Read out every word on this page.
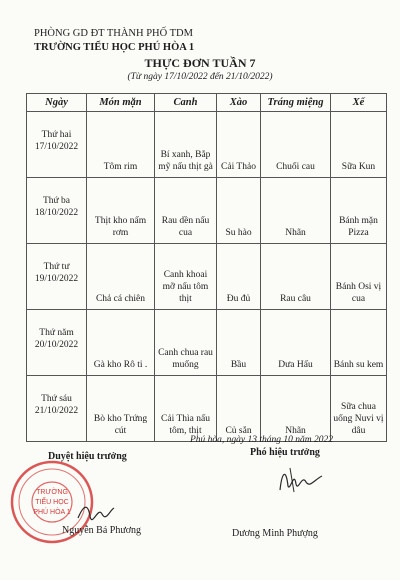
PHÒNG GD ĐT THÀNH PHỐ TDM
TRƯỜNG TIỂU HỌC PHÚ HÒA 1
THỰC ĐƠN TUẦN 7
(Từ ngày 17/10/2022 đến 21/10/2022)
Ngày	Món mặn	Canh	Xào	Tráng miệng	Xế

Thứ hai
17/10/2022	Tôm rim	Bí xanh, Bắp mỹ nấu thịt gà	Cải Thảo	Chuối cau	Sữa Kun

Thứ ba
18/10/2022	Thịt kho nấm rơm	Rau dền nấu cua	Su hào	Nhãn	Bánh mặn Pizza

Thứ tư
19/10/2022	Chả cá chiên	Canh khoai mỡ nấu tôm thịt	Đu đủ	Rau câu	Bánh Osi vị cua

Thứ năm
20/10/2022	Gà kho Rô ti .	Canh chua rau muống	Bầu	Dưa Hấu	Bánh su kem

Thứ sáu
21/10/2022	Bò kho Trứng cút	Cải Thìa nấu tôm, thịt	Củ sắn	Nhãn	Sữa chua uống Nuvi vị dâu
Phú hòa, ngày 13 tháng 10 năm 2022
Duyệt hiệu trưởng	Phó hiệu trưởng
TRƯỜNG
TIỂU HỌC
PHÚ HÒA 1
Nguyễn Bá Phương	Dương Minh Phượng
